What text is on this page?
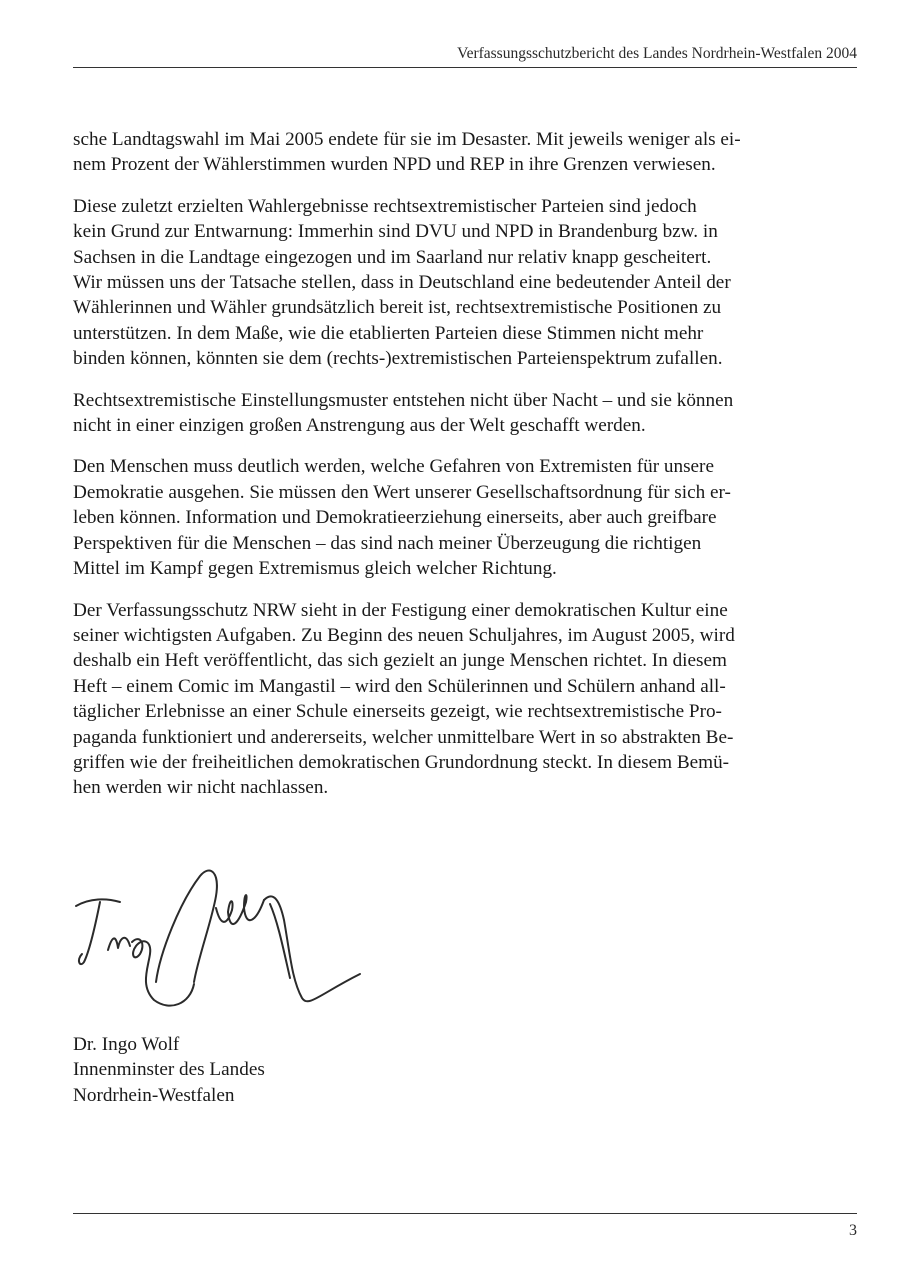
Verfassungsschutzbericht des Landes Nordrhein-Westfalen 2004

sche Landtagswahl im Mai 2005 endete für sie im Desaster. Mit jeweils weniger als ei-
nem Prozent der Wählerstimmen wurden NPD und REP in ihre Grenzen verwiesen.

Diese zuletzt erzielten Wahlergebnisse rechtsextremistischer Parteien sind jedoch
kein Grund zur Entwarnung: Immerhin sind DVU und NPD in Brandenburg bzw. in
Sachsen in die Landtage eingezogen und im Saarland nur relativ knapp gescheitert.
Wir müssen uns der Tatsache stellen, dass in Deutschland eine bedeutender Anteil der
Wählerinnen und Wähler grundsätzlich bereit ist, rechtsextremistische Positionen zu
unterstützen. In dem Maße, wie die etablierten Parteien diese Stimmen nicht mehr
binden können, könnten sie dem (rechts-)extremistischen Parteienspektrum zufallen.

Rechtsextremistische Einstellungsmuster entstehen nicht über Nacht – und sie können
nicht in einer einzigen großen Anstrengung aus der Welt geschafft werden.

Den Menschen muss deutlich werden, welche Gefahren von Extremisten für unsere
Demokratie ausgehen. Sie müssen den Wert unserer Gesellschaftsordnung für sich er-
leben können. Information und Demokratieerziehung einerseits, aber auch greifbare
Perspektiven für die Menschen – das sind nach meiner Überzeugung die richtigen
Mittel im Kampf gegen Extremismus gleich welcher Richtung.

Der Verfassungsschutz NRW sieht in der Festigung einer demokratischen Kultur eine
seiner wichtigsten Aufgaben. Zu Beginn des neuen Schuljahres, im August 2005, wird
deshalb ein Heft veröffentlicht, das sich gezielt an junge Menschen richtet. In diesem
Heft – einem Comic im Mangastil – wird den Schülerinnen und Schülern anhand all-
täglicher Erlebnisse an einer Schule einerseits gezeigt, wie rechtsextremistische Pro-
paganda funktioniert und andererseits, welcher unmittelbare Wert in so abstrakten Be-
griffen wie der freiheitlichen demokratischen Grundordnung steckt. In diesem Bemü-
hen werden wir nicht nachlassen.

Dr. Ingo Wolf
Innenminster des Landes
Nordrhein-Westfalen
3
